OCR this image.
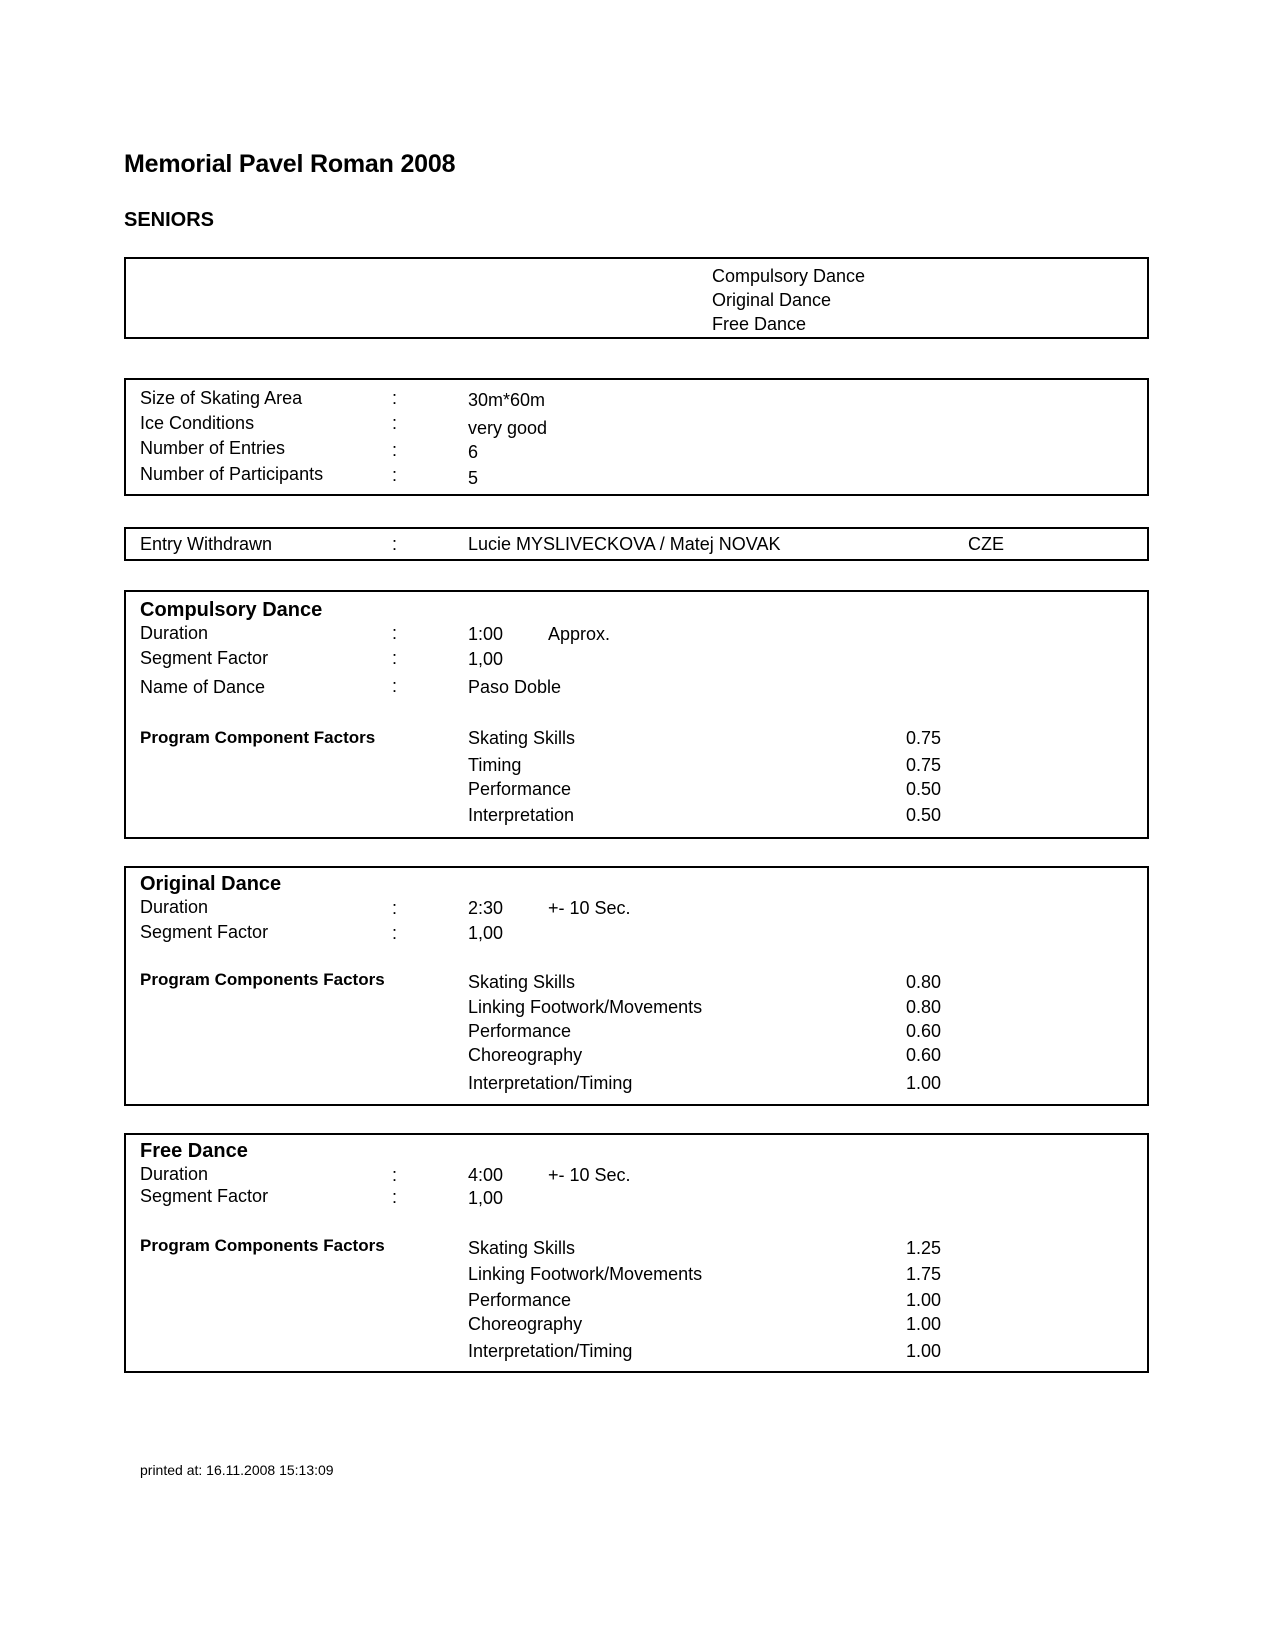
Memorial Pavel Roman 2008
SENIORS
Compulsory Dance
Original Dance
Free Dance
Size of Skating Area	:	30m*60m
Ice Conditions	:	very good
Number of Entries	:	6
Number of Participants	:	5
Entry Withdrawn	:	Lucie MYSLIVECKOVA / Matej NOVAK	CZE
Compulsory Dance
Duration	:	1:00 Approx.
Segment Factor	:	1,00
Name of Dance	:	Paso Doble
Program Component Factors	Skating Skills	0.75
Timing	0.75
Performance	0.50
Interpretation	0.50
Original Dance
Duration	:	2:30 +- 10 Sec.
Segment Factor	:	1,00
Program Components Factors	Skating Skills	0.80
Linking Footwork/Movements	0.80
Performance	0.60
Choreography	0.60
Interpretation/Timing	1.00
Free Dance
Duration	:	4:00 +- 10 Sec.
Segment Factor	:	1,00
Program Components Factors	Skating Skills	1.25
Linking Footwork/Movements	1.75
Performance	1.00
Choreography	1.00
Interpretation/Timing	1.00
printed at: 16.11.2008 15:13:09
